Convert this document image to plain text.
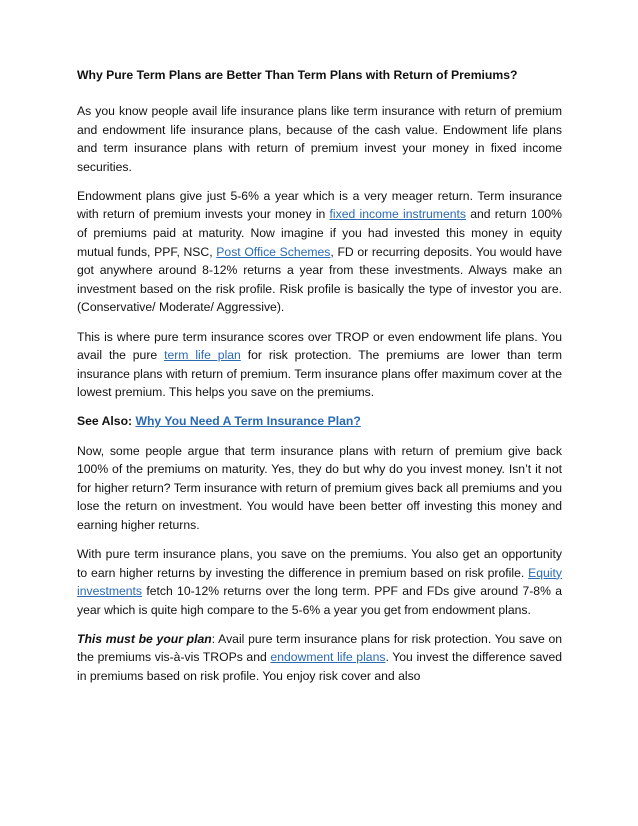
Why Pure Term Plans are Better Than Term Plans with Return of Premiums?

As you know people avail life insurance plans like term insurance with return of premium and endowment life insurance plans, because of the cash value. Endowment life plans and term insurance plans with return of premium invest your money in fixed income securities.

Endowment plans give just 5-6% a year which is a very meager return. Term insurance with return of premium invests your money in fixed income instruments and return 100% of premiums paid at maturity. Now imagine if you had invested this money in equity mutual funds, PPF, NSC, Post Office Schemes, FD or recurring deposits. You would have got anywhere around 8-12% returns a year from these investments. Always make an investment based on the risk profile. Risk profile is basically the type of investor you are. (Conservative/ Moderate/ Aggressive).

This is where pure term insurance scores over TROP or even endowment life plans. You avail the pure term life plan for risk protection. The premiums are lower than term insurance plans with return of premium. Term insurance plans offer maximum cover at the lowest premium. This helps you save on the premiums.

See Also: Why You Need A Term Insurance Plan?

Now, some people argue that term insurance plans with return of premium give back 100% of the premiums on maturity. Yes, they do but why do you invest money. Isn’t it not for higher return? Term insurance with return of premium gives back all premiums and you lose the return on investment. You would have been better off investing this money and earning higher returns.

With pure term insurance plans, you save on the premiums. You also get an opportunity to earn higher returns by investing the difference in premium based on risk profile. Equity investments fetch 10-12% returns over the long term. PPF and FDs give around 7-8% a year which is quite high compare to the 5-6% a year you get from endowment plans.

This must be your plan: Avail pure term insurance plans for risk protection. You save on the premiums vis-à-vis TROPs and endowment life plans. You invest the difference saved in premiums based on risk profile. You enjoy risk cover and also
